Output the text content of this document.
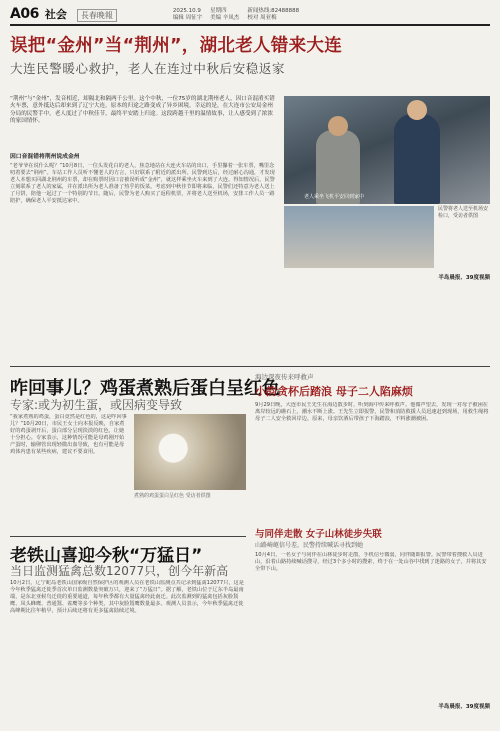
A06 社会	長春晚報	2025.10.9 星期四	新闻热线:82488888
编辑 周征宇 美编 辛凤杰 校对 周亚梅
误把“金州”当“荆州”，湖北老人错来大连
大连民警暖心救护，老人在连过中秋后安稳返家
“荆州”与“金州”，发音相近，却隔北和隔两千公里。这个中秋，一位75岁的湖北荆州老人，因口音混淆买错火车票，意外抵达后却来到了辽宁大连。原本的归途之路变成了异乡困境，幸运的是，在大连市公安局金州分局的民警手中，老人度过了中秋佳节，最终平安踏上归途。这段跨越千里的温情故事，让人感受到了浓浓的家国情怀。
老人乘坐飞机平安回到家中
民警将老人送至机场安检口，受访者供图
因口音混错将荆州说成金州
“老爷爷在说什么呢？”10月8日，一位头发花白的老人，焦急地站在大连火车站的出口，手里攥着一张车票，嘴里念叨着要去“荆州”。车站工作人员听不懂老人的方言，只好联系了附近的派出所。民警到达后，经过耐心沟通，才发现老人本想买回湖北荆州的车票，却在购票时因口音被误听成“金州”，就这样乘坐火车来到了大连。得知情况后，民警立刻联系了老人的家属，并在派出所为老人准备了热乎的饭菜。考虑到中秋佳节即将来临，民警们还特意为老人送上了月饼，陪他一起过了一个特别的节日。随后，民警为老人购买了返程机票，并将老人送至机场，安排工作人员一路陪护，确保老人平安抵达家中。
半岛晨报、39度视频
咋回事儿？鸡蛋煮熟后蛋白呈红色
专家:或为初生蛋，或因病变导致
“我家煮熟的鸡蛋，蛋白竟然是红色的，这是咋回事儿？”10月20日，市民王女士向本报反映，自家煮好的鸡蛋剥开后，蛋白部分呈现淡淡的红色，让她十分担心。专家表示，这种情况可能是母鸡刚开始产蛋时，输卵管出现轻微出血导致，也有可能是母鸡体内患有某些疾病，建议不要食用。
煮熟的鸡蛋蛋白呈红色 受访者供图
海边深夜传来呼救声
小韵贪杯后踏浪 母子二人陷麻烦
9月29日晚，大连市民王先生在海边散步时，听到海中传来呼救声。他循声望去，发现一对母子被困在离岸较远的礁石上，潮水不断上涨。王先生立即报警，民警和消防救援人员迅速赶到现场，用救生绳将母子二人安全救回岸边。原来，母亲饮酒后带孩子下海踏浪，不料涨潮被困。
与同伴走散 女子山林徒步失联
山路崎岖信号差，民警持续喊话寻找到她
10月4日，一名女子与同伴在山林徒步时走散，手机信号微弱，同伴随即报警。民警带着搜救人员进山，沿着山路持续喊话搜寻，经过3个多小时的搜索，终于在一处山谷中找到了迷路的女子，并将其安全带下山。
半岛晨报、39度视频
老铁山喜迎今秋“万猛日”
当日监测猛禽总数12077只，创今年新高
10月2日，辽宁蛇岛老铁山国家级自然保护区的观测人员在老铁山监测点共记录到猛禽12077只，这是今年秋季猛禽迁徙季首次单日监测数量突破万只，迎来了“万猛日”。据了解，老铁山位于辽东半岛最南端，是东北亚候鸟迁徙的重要通道，每年秋季都有大量猛禽经此南迁。此次监测到的猛禽包括灰脸鵟鹰、凤头蜂鹰、普通鵟、雀鹰等多个种类，其中灰脸鵟鹰数量最多。观测人员表示，今年秋季猛禽迁徙高峰期比往年稍早，预计后续还将有更多猛禽陆续过境。
